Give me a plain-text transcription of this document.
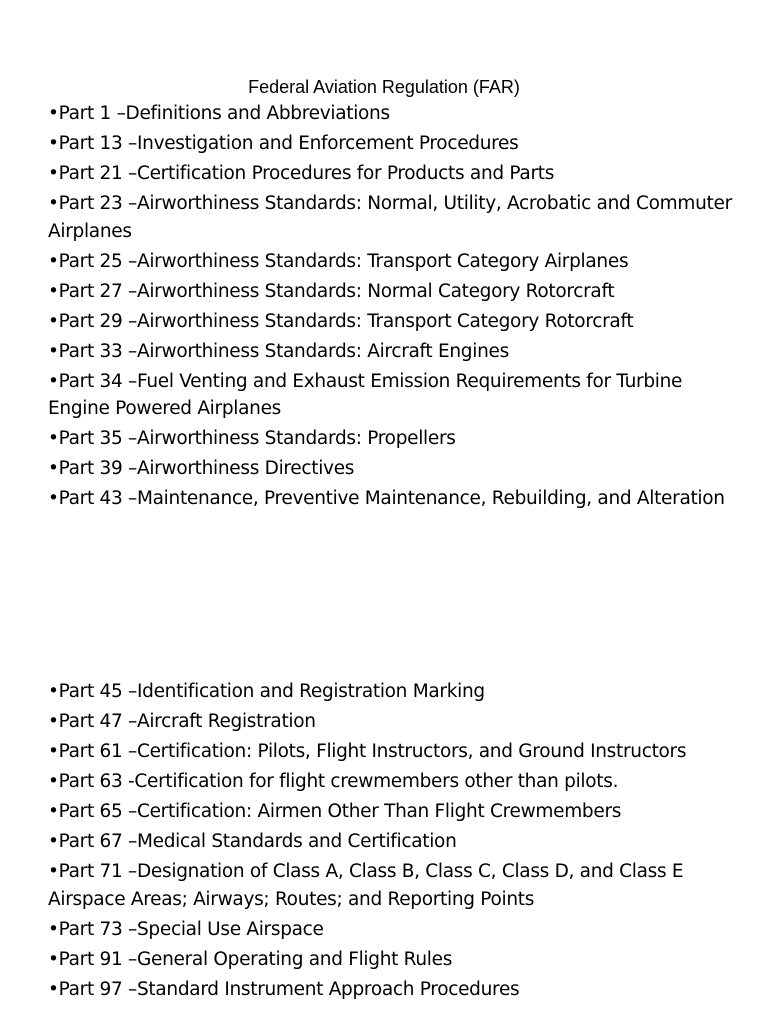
Federal Aviation Regulation (FAR)
•Part 1 –Definitions and Abbreviations
•Part 13 –Investigation and Enforcement Procedures
•Part 21 –Certification Procedures for Products and Parts
•Part 23 –Airworthiness Standards: Normal, Utility, Acrobatic and Commuter Airplanes
•Part 25 –Airworthiness Standards: Transport Category Airplanes
•Part 27 –Airworthiness Standards: Normal Category Rotorcraft
•Part 29 –Airworthiness Standards: Transport Category Rotorcraft
•Part 33 –Airworthiness Standards: Aircraft Engines
•Part 34 –Fuel Venting and Exhaust Emission Requirements for Turbine Engine Powered Airplanes
•Part 35 –Airworthiness Standards: Propellers
•Part 39 –Airworthiness Directives
•Part 43 –Maintenance, Preventive Maintenance, Rebuilding, and Alteration
•Part 45 –Identification and Registration Marking
•Part 47 –Aircraft Registration
•Part 61 –Certification: Pilots, Flight Instructors, and Ground Instructors
•Part 63 -Certification for flight crewmembers other than pilots.
•Part 65 –Certification: Airmen Other Than Flight Crewmembers
•Part 67 –Medical Standards and Certification
•Part 71 –Designation of Class A, Class B, Class C, Class D, and Class E Airspace Areas; Airways; Routes; and Reporting Points
•Part 73 –Special Use Airspace
•Part 91 –General Operating and Flight Rules
•Part 97 –Standard Instrument Approach Procedures
